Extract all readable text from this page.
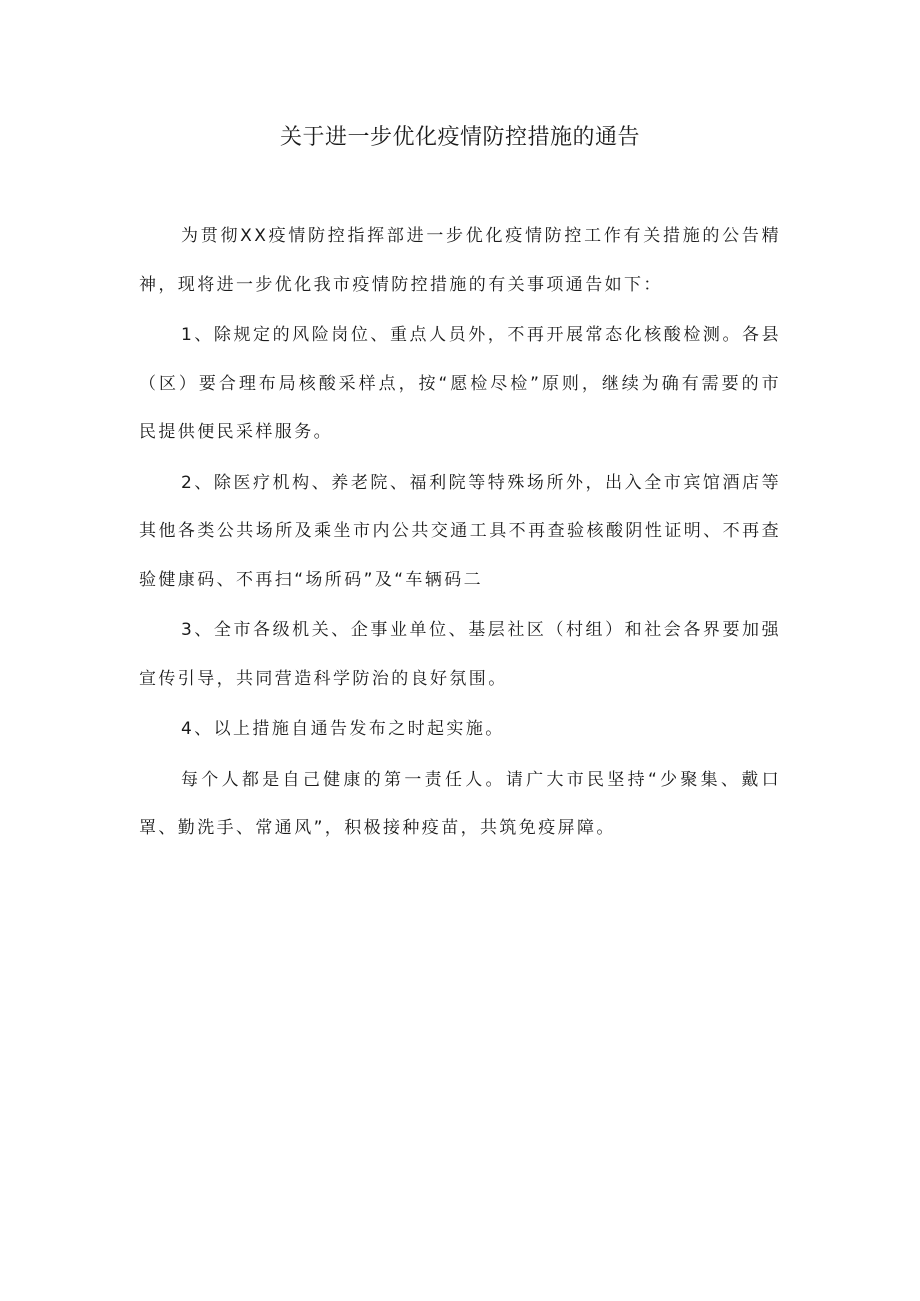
关于进一步优化疫情防控措施的通告

为贯彻XX疫情防控指挥部进一步优化疫情防控工作有关措施的公告精神，现将进一步优化我市疫情防控措施的有关事项通告如下：

1、除规定的风险岗位、重点人员外，不再开展常态化核酸检测。各县（区）要合理布局核酸采样点，按“愿检尽检”原则，继续为确有需要的市民提供便民采样服务。

2、除医疗机构、养老院、福利院等特殊场所外，出入全市宾馆酒店等其他各类公共场所及乘坐市内公共交通工具不再查验核酸阴性证明、不再查验健康码、不再扫“场所码”及“车辆码二

3、全市各级机关、企事业单位、基层社区（村组）和社会各界要加强宣传引导，共同营造科学防治的良好氛围。

4、以上措施自通告发布之时起实施。

每个人都是自己健康的第一责任人。请广大市民坚持“少聚集、戴口罩、勤洗手、常通风”，积极接种疫苗，共筑免疫屏障。
